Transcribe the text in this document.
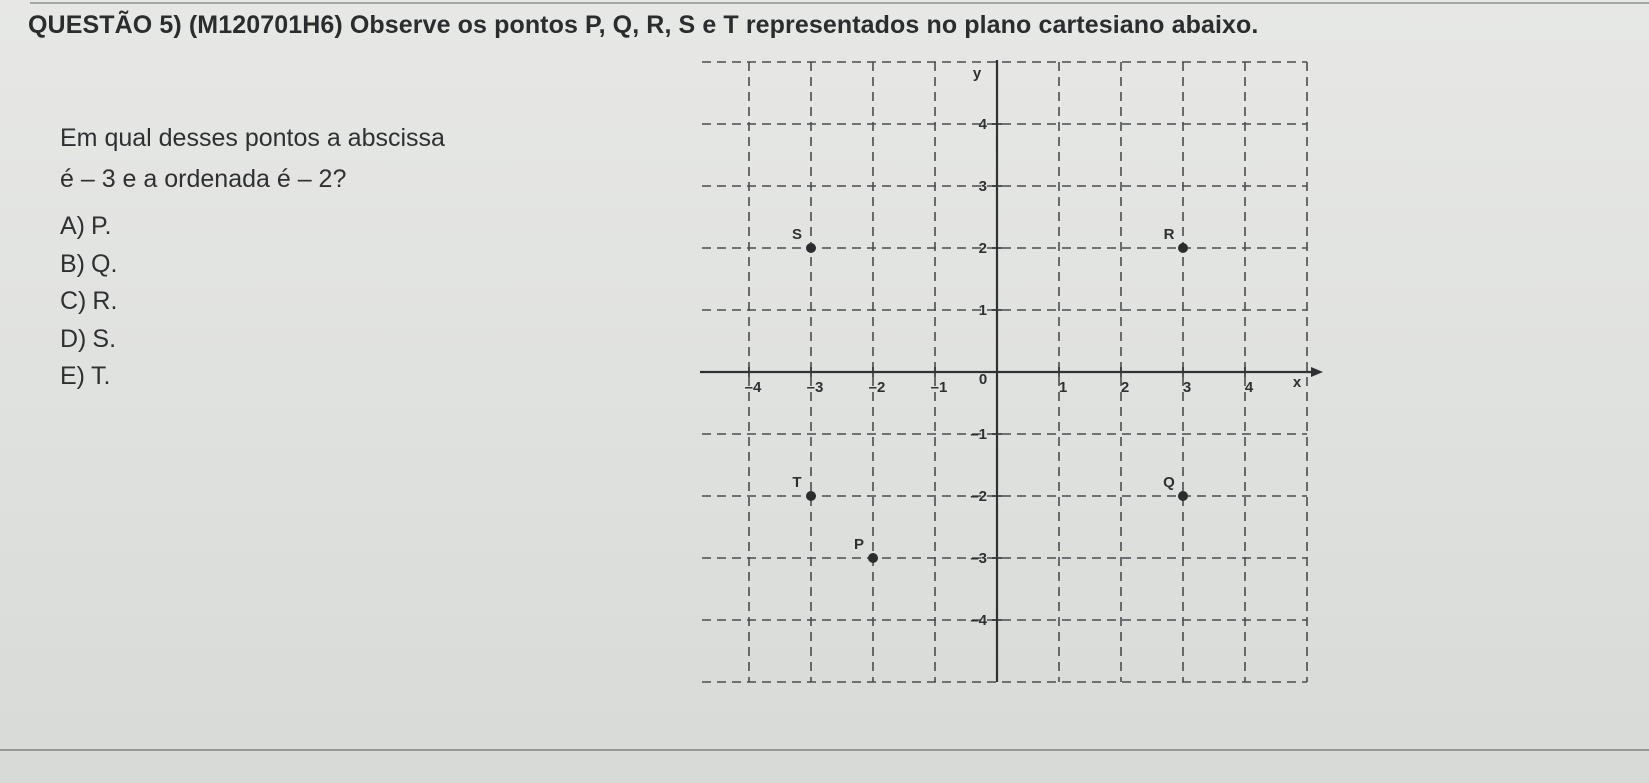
QUESTÃO 5) (M120701H6) Observe os pontos P, Q, R, S e T representados no plano cartesiano abaixo.
Em qual desses pontos a abscissa
é – 3 e a ordenada é – 2?
A) P.
B) Q.
C) R.
D) S.
E) T.	–4	–3	–2	–1	1	2	3	4
4
3
2
1
–1
–2
–3
–4
0	x
y
P
Q
R
S
T
